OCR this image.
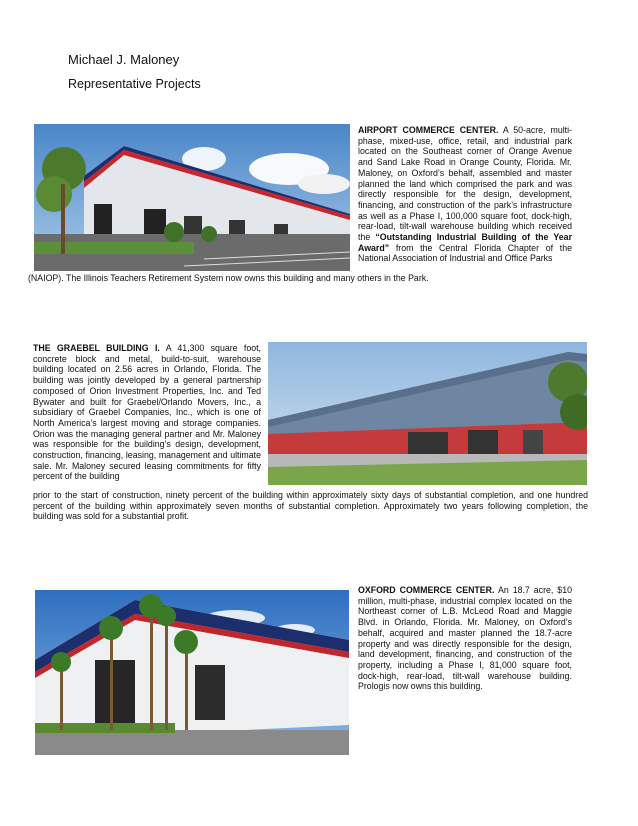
Michael J. Maloney
Representative Projects
AIRPORT COMMERCE CENTER. A 50-acre, multi-phase, mixed-use, office, retail, and industrial park located on the Southeast corner of Orange Avenue and Sand Lake Road in Orange County, Florida. Mr. Maloney, on Oxford’s behalf, assembled and master planned the land which comprised the park and was directly responsible for the design, development, financing, and construction of the park’s infrastructure as well as a Phase I, 100,000 square foot, dock-high, rear-load, tilt-wall warehouse building which received the “Outstanding Industrial Building of the Year Award” from the Central Florida Chapter of the National Association of Industrial and Office Parks
(NAIOP). The Illinois Teachers Retirement System now owns this building and many others in the Park.
THE GRAEBEL BUILDING I. A 41,300 square foot, concrete block and metal, build-to-suit, warehouse building located on 2.56 acres in Orlando, Florida. The building was jointly developed by a general partnership composed of Orion Investment Properties, Inc. and Ted Bywater and built for Graebel/Orlando Movers, Inc., a subsidiary of Graebel Companies, Inc., which is one of North America’s largest moving and storage companies. Orion was the managing general partner and Mr. Maloney was responsible for the building’s design, development, construction, financing, leasing, management and ultimate sale. Mr. Maloney secured leasing commitments for fifty percent of the building
prior to the start of construction, ninety percent of the building within approximately sixty days of substantial completion, and one hundred percent of the building within approximately seven months of substantial completion. Approximately two years following completion, the building was sold for a substantial profit.
OXFORD COMMERCE CENTER. An 18.7 acre, $10 million, multi-phase, industrial complex located on the Northeast corner of L.B. McLeod Road and Maggie Blvd. in Orlando, Florida. Mr. Maloney, on Oxford’s behalf, acquired and master planned the 18.7-acre property and was directly responsible for the design, land development, financing, and construction of the property, including a Phase I, 81,000 square foot, dock-high, rear-load, tilt-wall warehouse building. Prologis now owns this building.
